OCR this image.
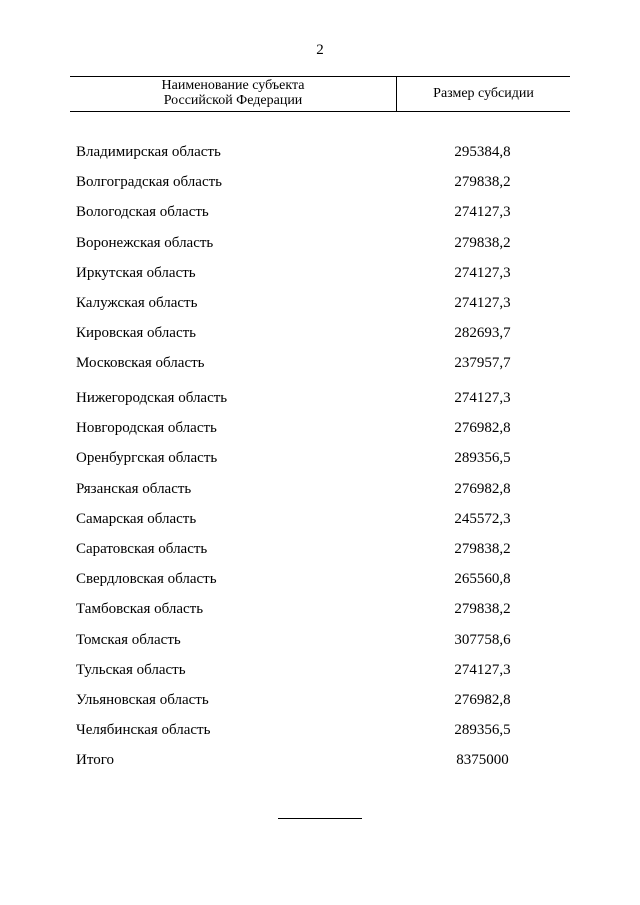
2
Наименование субъекта
Российской Федерации	Размер субсидии
Владимирская область	295384,8
Волгоградская область	279838,2
Вологодская область	274127,3
Воронежская область	279838,2
Иркутская область	274127,3
Калужская область	274127,3
Кировская область	282693,7
Московская область	237957,7
Нижегородская область	274127,3
Новгородская область	276982,8
Оренбургская область	289356,5
Рязанская область	276982,8
Самарская область	245572,3
Саратовская область	279838,2
Свердловская область	265560,8
Тамбовская область	279838,2
Томская область	307758,6
Тульская область	274127,3
Ульяновская область	276982,8
Челябинская область	289356,5
Итого	8375000
